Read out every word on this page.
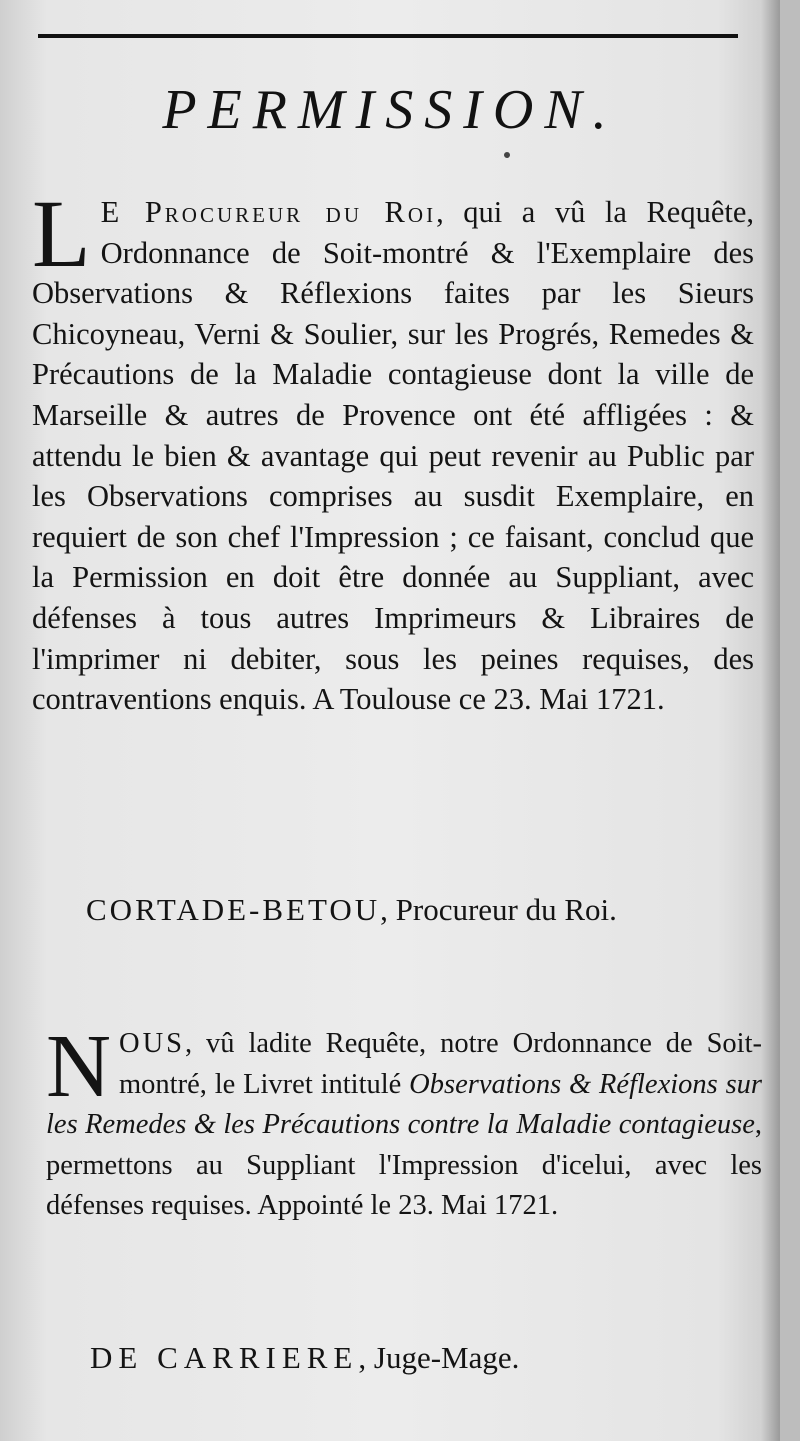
PERMISSION.

L E Procureur du Roi, qui a vû la Requête, Ordonnance de Soit-montré & l'Exemplaire des Observations & Réflexions faites par les Sieurs Chicoyneau, Verni & Soulier, sur les Progrés, Remedes & Précautions de la Maladie contagieuse dont la ville de Marseille & autres de Provence ont été affligées : & attendu le bien & avantage qui peut revenir au Public par les Observations comprises au susdit Exemplaire, en requiert de son chef l'Impression ; ce faisant, conclud que la Permission en doit être donnée au Suppliant, avec défenses à tous autres Imprimeurs & Libraires de l'imprimer ni debiter, sous les peines requises, des contraventions enquis. A Toulouse ce 23. Mai 1721.

CORTADE-BETOU, Procureur du Roi.

NOUS, vû ladite Requête, notre Ordonnance de Soit-montré, le Livret intitulé Observations & Réflexions sur les Remedes & les Précautions contre la Maladie contagieuse, permettons au Suppliant l'Impression d'icelui, avec les défenses requises. Appointé le 23. Mai 1721.

DE CARRIERE, Juge-Mage.
